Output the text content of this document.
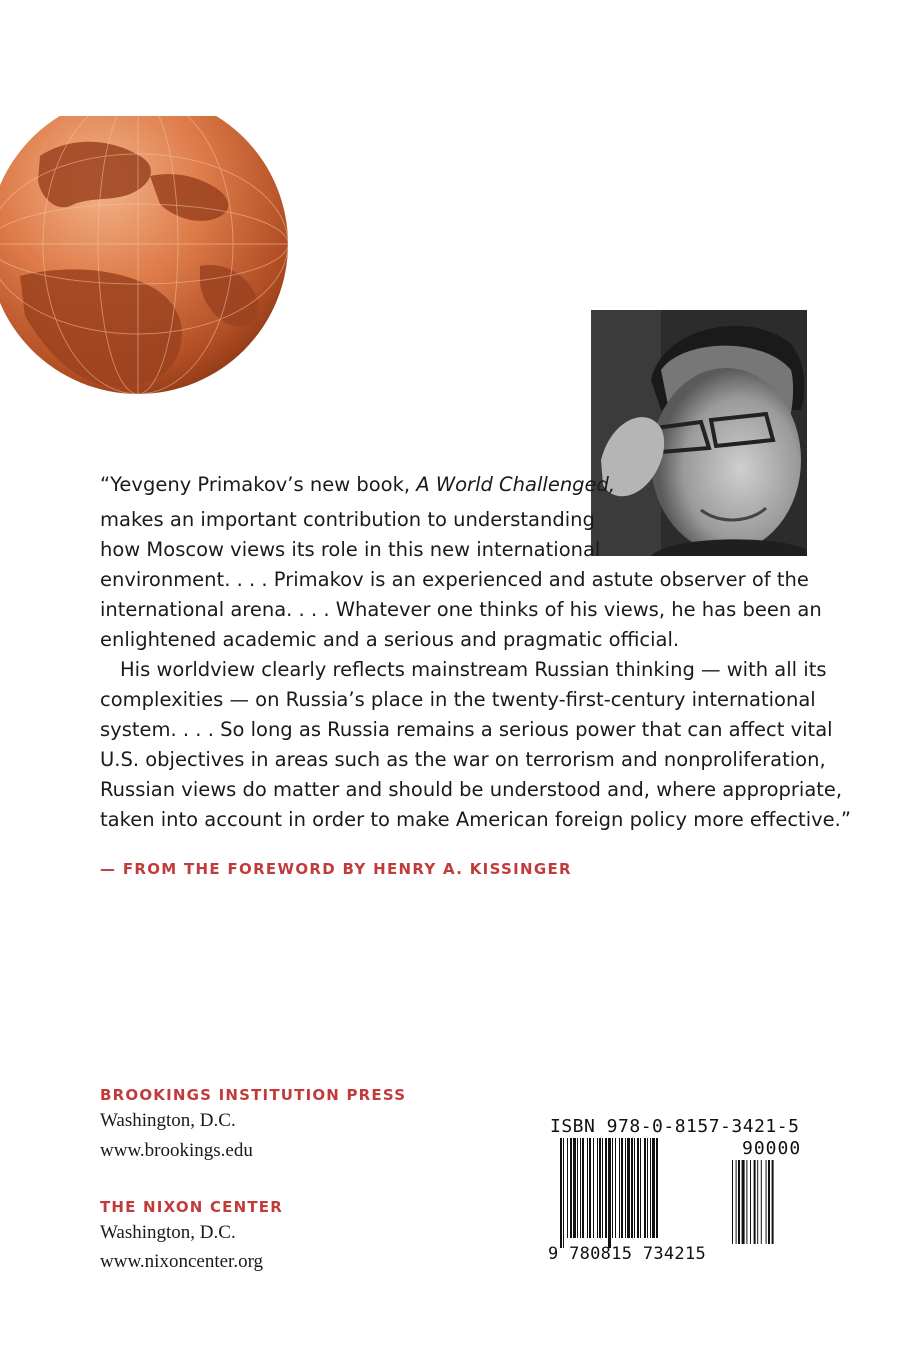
“Yevgeny Primakov’s new book, A World Challenged,
makes an important contribution to understanding
how Moscow views its role in this new international
environment. . . . Primakov is an experienced and astute observer of the
international arena. . . . Whatever one thinks of his views, he has been an
enlightened academic and a serious and pragmatic official.
His worldview clearly reflects mainstream Russian thinking — with all its
complexities — on Russia’s place in the twenty-first-century international
system. . . . So long as Russia remains a serious power that can affect vital
U.S. objectives in areas such as the war on terrorism and nonproliferation,
Russian views do matter and should be understood and, where appropriate,
taken into account in order to make American foreign policy more effective.”
— FROM THE FOREWORD BY HENRY A. KISSINGER
BROOKINGS INSTITUTION PRESS
Washington, D.C.
www.brookings.edu
THE NIXON CENTER
Washington, D.C.
www.nixoncenter.org
ISBN 978-0-8157-3421-5
90000
9 780815 734215
